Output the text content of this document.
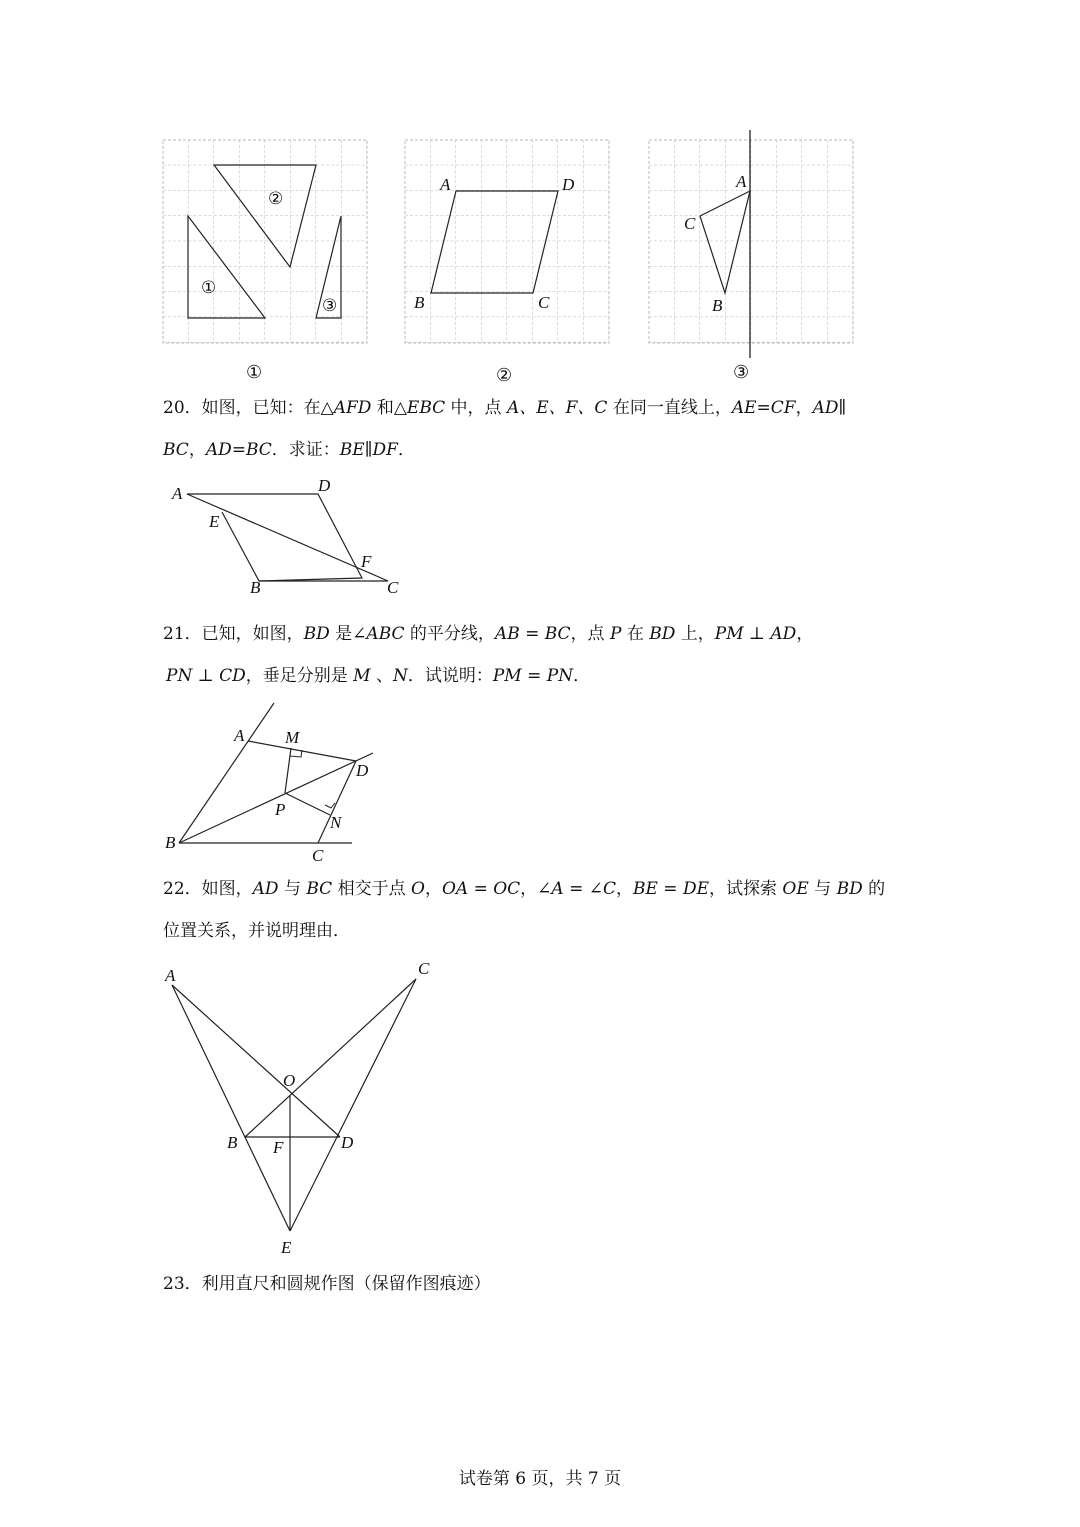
②
①
③
A	D
B	C
A
C
B
①	②	③
20．如图，已知：在△AFD 和△EBC 中，点 A、E、F、C 在同一直线上，AE=CF，AD∥
BC，AD=BC．求证：BE∥DF．
A	D
E
F
B	C
21．已知，如图，BD 是∠ABC 的平分线，AB = BC，点 P 在 BD 上，PM ⊥ AD，
PN ⊥ CD，垂足分别是 M 、N．试说明：PM = PN．
A M
D
P
N
B
C
22．如图，AD 与 BC 相交于点 O，OA = OC，∠A = ∠C，BE = DE，试探索 OE 与 BD 的
位置关系，并说明理由．
A	C
O
B F	D
E
23．利用直尺和圆规作图（保留作图痕迹）
试卷第 6 页，共 7 页
